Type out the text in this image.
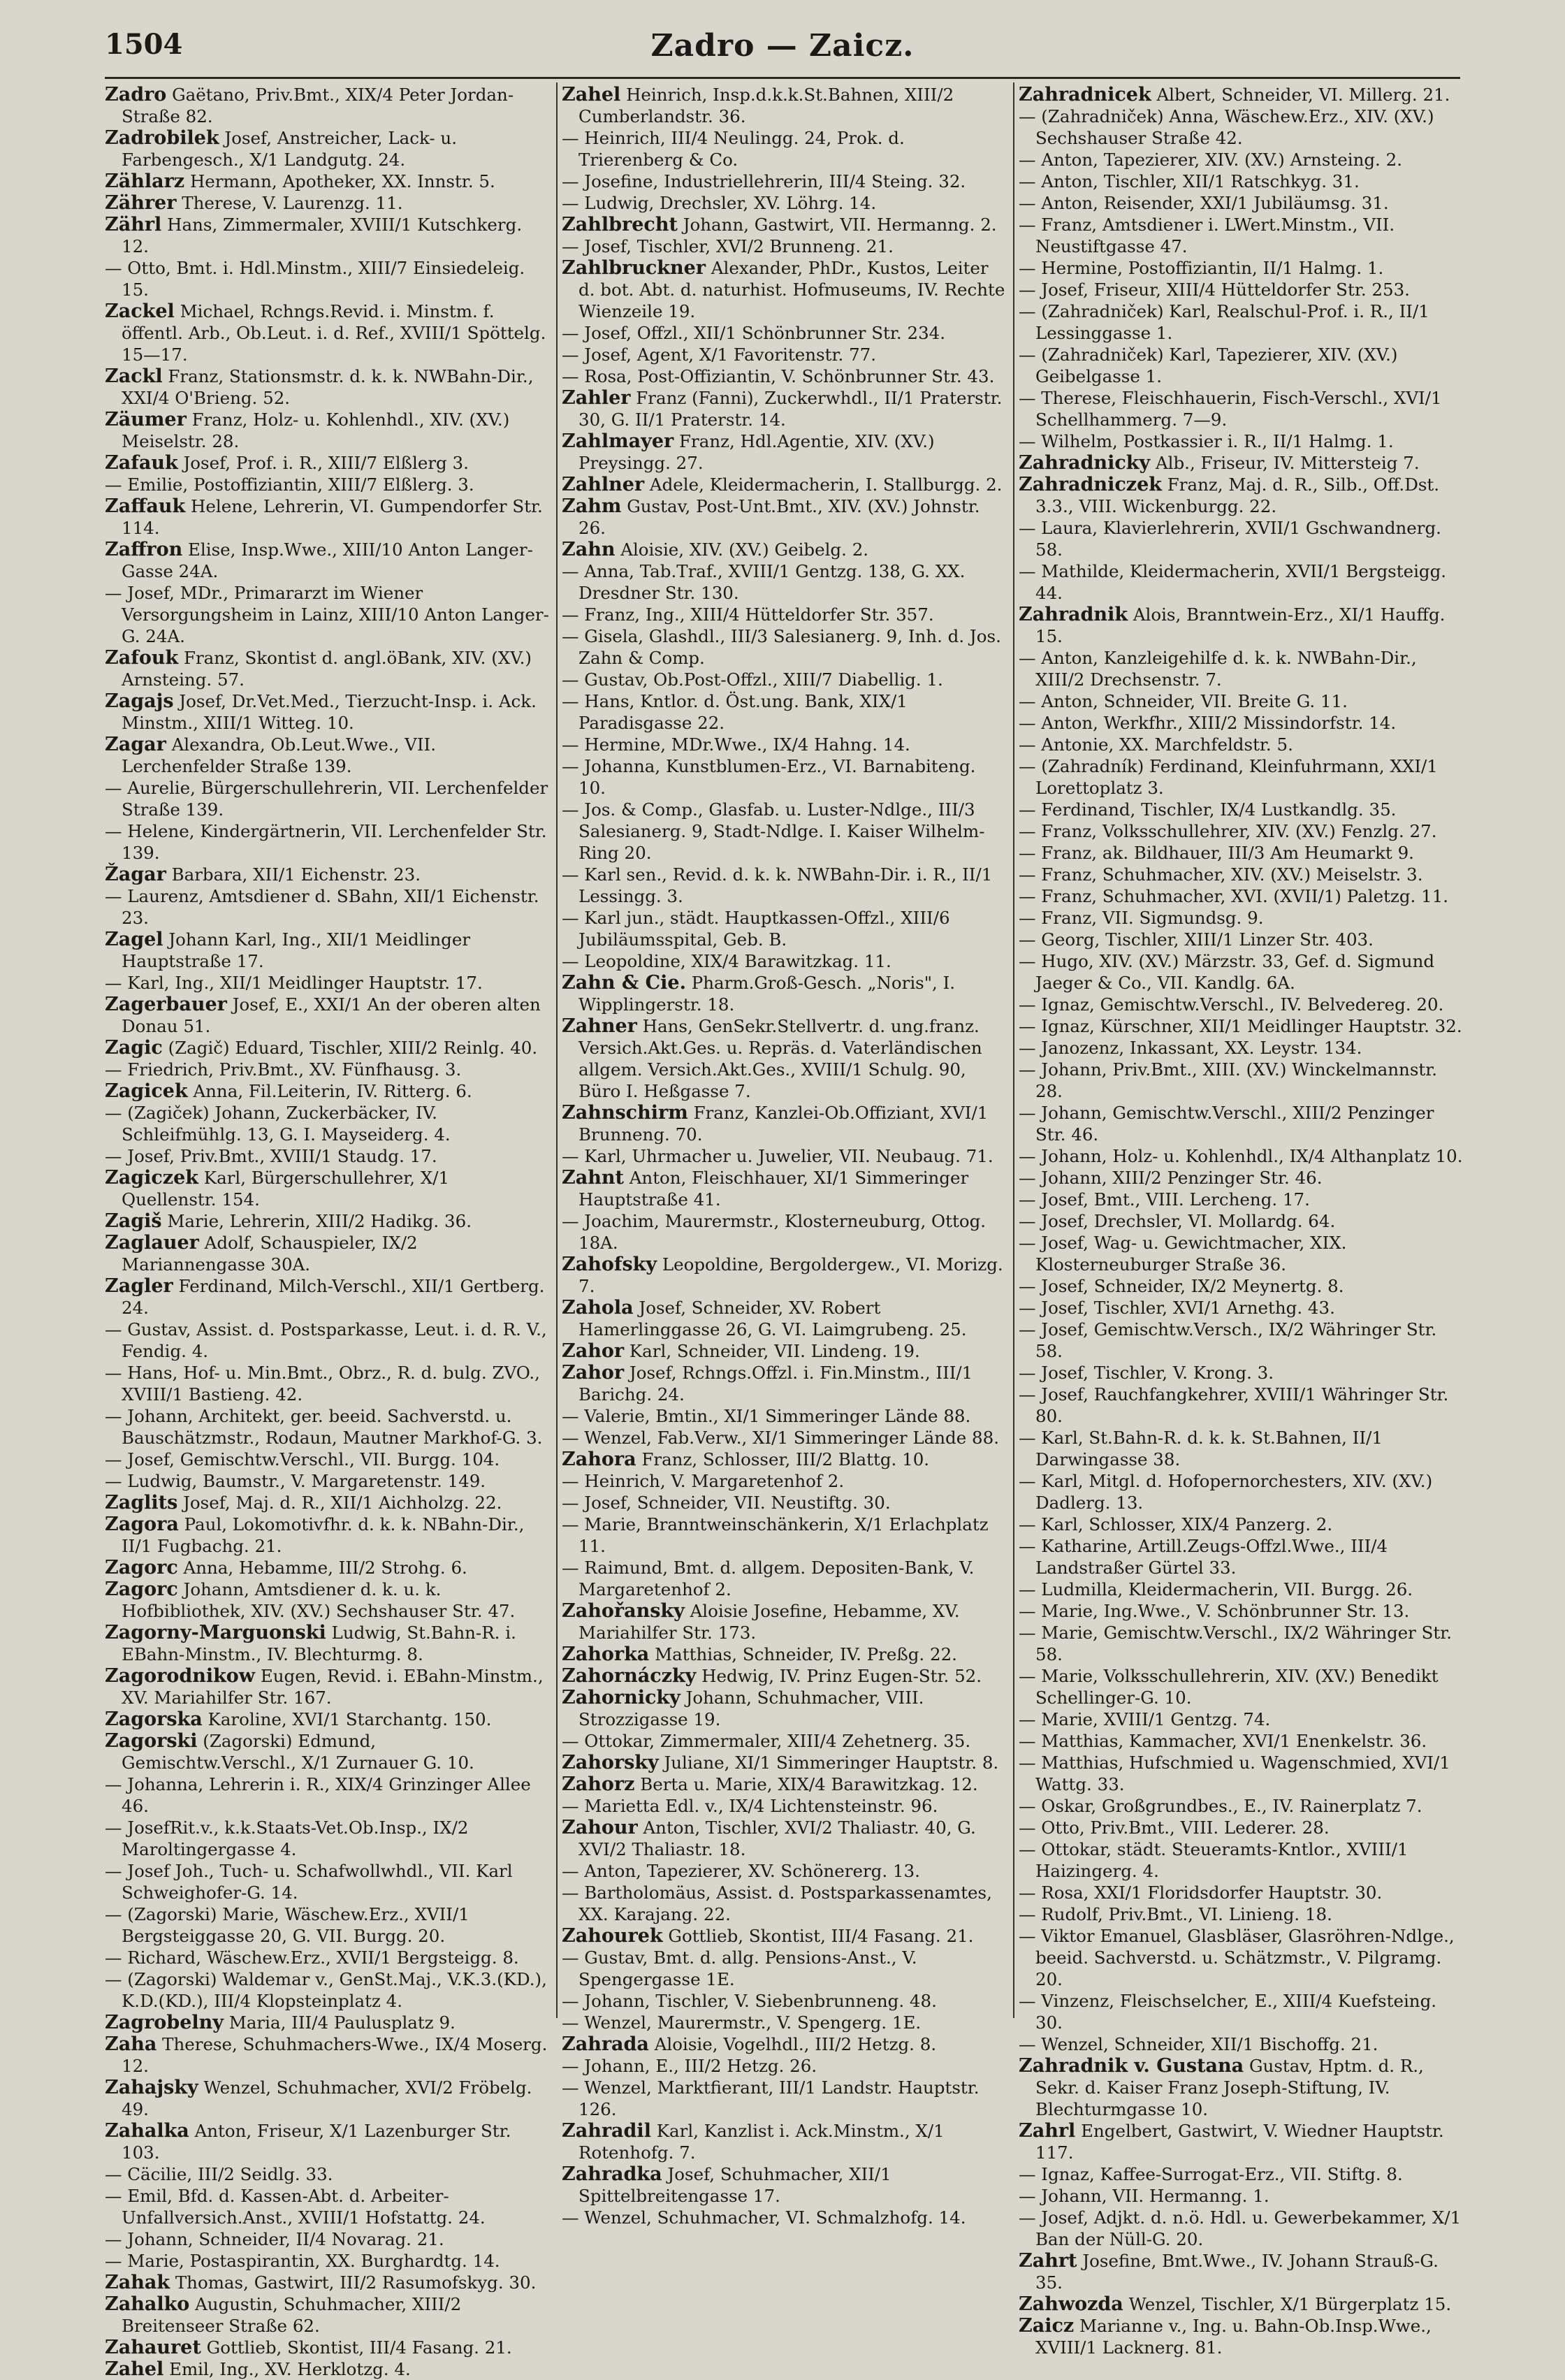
1504	Zadro — Zaicz.

Zadro Gaëtano, Priv.Bmt., XIX/4 Peter Jordan-Straße 82.

Zadrobilek Josef, Anstreicher, Lack- u. Farbengesch., X/1 Landgutg. 24.

Zählarz Hermann, Apotheker, XX. Innstr. 5.

Zährer Therese, V. Laurenzg. 11.

Zährl Hans, Zimmermaler, XVIII/1 Kutschkerg. 12.

— Otto, Bmt. i. Hdl.Minstm., XIII/7 Einsiedeleig. 15.

Zackel Michael, Rchngs.Revid. i. Minstm. f. öffentl. Arb., Ob.Leut. i. d. Ref., XVIII/1 Spöttelg. 15—17.

Zackl Franz, Stationsmstr. d. k. k. NWBahn-Dir., XXI/4 O'Brieng. 52.

Zäumer Franz, Holz- u. Kohlenhdl., XIV. (XV.) Meiselstr. 28.

Zafauk Josef, Prof. i. R., XIII/7 Elßlerg 3.

— Emilie, Postoffiziantin, XIII/7 Elßlerg. 3.

Zaffauk Helene, Lehrerin, VI. Gumpendorfer Str. 114.

Zaffron Elise, Insp.Wwe., XIII/10 Anton Langer-Gasse 24A.

— Josef, MDr., Primararzt im Wiener Versorgungsheim in Lainz, XIII/10 Anton Langer-G. 24A.

Zafouk Franz, Skontist d. angl.öBank, XIV. (XV.) Arnsteing. 57.

Zagajs Josef, Dr.Vet.Med., Tierzucht-Insp. i. Ack. Minstm., XIII/1 Witteg. 10.

Zagar Alexandra, Ob.Leut.Wwe., VII. Lerchenfelder Straße 139.

— Aurelie, Bürgerschullehrerin, VII. Lerchenfelder Straße 139.

— Helene, Kindergärtnerin, VII. Lerchenfelder Str. 139.

Žagar Barbara, XII/1 Eichenstr. 23.

— Laurenz, Amtsdiener d. SBahn, XII/1 Eichenstr. 23.

Zagel Johann Karl, Ing., XII/1 Meidlinger Hauptstraße 17.

— Karl, Ing., XII/1 Meidlinger Hauptstr. 17.

Zagerbauer Josef, E., XXI/1 An der oberen alten Donau 51.

Zagic (Zagič) Eduard, Tischler, XIII/2 Reinlg. 40.

— Friedrich, Priv.Bmt., XV. Fünfhausg. 3.

Zagicek Anna, Fil.Leiterin, IV. Ritterg. 6.

— (Zagiček) Johann, Zuckerbäcker, IV. Schleifmühlg. 13, G. I. Mayseiderg. 4.

— Josef, Priv.Bmt., XVIII/1 Staudg. 17.

Zagiczek Karl, Bürgerschullehrer, X/1 Quellenstr. 154.

Zagiš Marie, Lehrerin, XIII/2 Hadikg. 36.

Zaglauer Adolf, Schauspieler, IX/2 Mariannengasse 30A.

Zagler Ferdinand, Milch-Verschl., XII/1 Gertberg. 24.

— Gustav, Assist. d. Postsparkasse, Leut. i. d. R. V., Fendig. 4.

— Hans, Hof- u. Min.Bmt., Obrz., R. d. bulg. ZVO., XVIII/1 Bastieng. 42.

— Johann, Architekt, ger. beeid. Sachverstd. u. Bauschätzmstr., Rodaun, Mautner Markhof-G. 3.

— Josef, Gemischtw.Verschl., VII. Burgg. 104.

— Ludwig, Baumstr., V. Margaretenstr. 149.

Zaglits Josef, Maj. d. R., XII/1 Aichholzg. 22.

Zagora Paul, Lokomotivfhr. d. k. k. NBahn-Dir., II/1 Fugbachg. 21.

Zagorc Anna, Hebamme, III/2 Strohg. 6.

Zagorc Johann, Amtsdiener d. k. u. k. Hofbibliothek, XIV. (XV.) Sechshauser Str. 47.

Zagorny-Marguonski Ludwig, St.Bahn-R. i. EBahn-Minstm., IV. Blechturmg. 8.

Zagorodnikow Eugen, Revid. i. EBahn-Minstm., XV. Mariahilfer Str. 167.

Zagorska Karoline, XVI/1 Starchantg. 150.

Zagorski (Zagorski) Edmund, Gemischtw.Verschl., X/1 Zurnauer G. 10.

— Johanna, Lehrerin i. R., XIX/4 Grinzinger Allee 46.

— JosefRit.v., k.k.Staats-Vet.Ob.Insp., IX/2 Maroltingergasse 4.

— Josef Joh., Tuch- u. Schafwollwhdl., VII. Karl Schweighofer-G. 14.

— (Zagorski) Marie, Wäschew.Erz., XVII/1 Bergsteiggasse 20, G. VII. Burgg. 20.

— Richard, Wäschew.Erz., XVII/1 Bergsteigg. 8.

— (Zagorski) Waldemar v., GenSt.Maj., V.K.3.(KD.), K.D.(KD.), III/4 Klopsteinplatz 4.

Zagrobelny Maria, III/4 Paulusplatz 9.

Zaha Therese, Schuhmachers-Wwe., IX/4 Moserg. 12.

Zahajsky Wenzel, Schuhmacher, XVI/2 Fröbelg. 49.

Zahalka Anton, Friseur, X/1 Lazenburger Str. 103.

— Cäcilie, III/2 Seidlg. 33.

— Emil, Bfd. d. Kassen-Abt. d. Arbeiter-Unfallversich.Anst., XVIII/1 Hofstattg. 24.

— Johann, Schneider, II/4 Novarag. 21.

— Marie, Postaspirantin, XX. Burghardtg. 14.

Zahak Thomas, Gastwirt, III/2 Rasumofskyg. 30.

Zahalko Augustin, Schuhmacher, XIII/2 Breitenseer Straße 62.

Zahauret Gottlieb, Skontist, III/4 Fasang. 21.

Zahel Emil, Ing., XV. Herklotzg. 4.

Zahel Heinrich, Insp.d.k.k.St.Bahnen, XIII/2 Cumberlandstr. 36.

— Heinrich, III/4 Neulingg. 24, Prok. d. Trierenberg & Co.

— Josefine, Industriellehrerin, III/4 Steing. 32.

— Ludwig, Drechsler, XV. Löhrg. 14.

Zahlbrecht Johann, Gastwirt, VII. Hermanng. 2.

— Josef, Tischler, XVI/2 Brunneng. 21.

Zahlbruckner Alexander, PhDr., Kustos, Leiter d. bot. Abt. d. naturhist. Hofmuseums, IV. Rechte Wienzeile 19.

— Josef, Offzl., XII/1 Schönbrunner Str. 234.

— Josef, Agent, X/1 Favoritenstr. 77.

— Rosa, Post-Offiziantin, V. Schönbrunner Str. 43.

Zahler Franz (Fanni), Zuckerwhdl., II/1 Praterstr. 30, G. II/1 Praterstr. 14.

Zahlmayer Franz, Hdl.Agentie, XIV. (XV.) Preysingg. 27.

Zahlner Adele, Kleidermacherin, I. Stallburgg. 2.

Zahm Gustav, Post-Unt.Bmt., XIV. (XV.) Johnstr. 26.

Zahn Aloisie, XIV. (XV.) Geibelg. 2.

— Anna, Tab.Traf., XVIII/1 Gentzg. 138, G. XX. Dresdner Str. 130.

— Franz, Ing., XIII/4 Hütteldorfer Str. 357.

— Gisela, Glashdl., III/3 Salesianerg. 9, Inh. d. Jos. Zahn & Comp.

— Gustav, Ob.Post-Offzl., XIII/7 Diabellig. 1.

— Hans, Kntlor. d. Öst.ung. Bank, XIX/1 Paradisgasse 22.

— Hermine, MDr.Wwe., IX/4 Hahng. 14.

— Johanna, Kunstblumen-Erz., VI. Barnabiteng. 10.

— Jos. & Comp., Glasfab. u. Luster-Ndlge., III/3 Salesianerg. 9, Stadt-Ndlge. I. Kaiser Wilhelm-Ring 20.

— Karl sen., Revid. d. k. k. NWBahn-Dir. i. R., II/1 Lessingg. 3.

— Karl jun., städt. Hauptkassen-Offzl., XIII/6 Jubiläumsspital, Geb. B.

— Leopoldine, XIX/4 Barawitzkag. 11.

Zahn & Cie. Pharm.Groß-Gesch. „Noris", I. Wipplingerstr. 18.

Zahner Hans, GenSekr.Stellvertr. d. ung.franz. Versich.Akt.Ges. u. Repräs. d. Vaterländischen allgem. Versich.Akt.Ges., XVIII/1 Schulg. 90, Büro I. Heßgasse 7.

Zahnschirm Franz, Kanzlei-Ob.Offiziant, XVI/1 Brunneng. 70.

— Karl, Uhrmacher u. Juwelier, VII. Neubaug. 71.

Zahnt Anton, Fleischhauer, XI/1 Simmeringer Hauptstraße 41.

— Joachim, Maurermstr., Klosterneuburg, Ottog. 18A.

Zahofsky Leopoldine, Bergoldergew., VI. Morizg. 7.

Zahola Josef, Schneider, XV. Robert Hamerlinggasse 26, G. VI. Laimgrubeng. 25.

Zahor Karl, Schneider, VII. Lindeng. 19.

Zahor Josef, Rchngs.Offzl. i. Fin.Minstm., III/1 Barichg. 24.

— Valerie, Bmtin., XI/1 Simmeringer Lände 88.

— Wenzel, Fab.Verw., XI/1 Simmeringer Lände 88.

Zahora Franz, Schlosser, III/2 Blattg. 10.

— Heinrich, V. Margaretenhof 2.

— Josef, Schneider, VII. Neustiftg. 30.

— Marie, Branntweinschänkerin, X/1 Erlachplatz 11.

— Raimund, Bmt. d. allgem. Depositen-Bank, V. Margaretenhof 2.

Zahořansky Aloisie Josefine, Hebamme, XV. Mariahilfer Str. 173.

Zahorka Matthias, Schneider, IV. Preßg. 22.

Zahornáczky Hedwig, IV. Prinz Eugen-Str. 52.

Zahornicky Johann, Schuhmacher, VIII. Strozzigasse 19.

— Ottokar, Zimmermaler, XIII/4 Zehetnerg. 35.

Zahorsky Juliane, XI/1 Simmeringer Hauptstr. 8.

Zahorz Berta u. Marie, XIX/4 Barawitzkag. 12.

— Marietta Edl. v., IX/4 Lichtensteinstr. 96.

Zahour Anton, Tischler, XVI/2 Thaliastr. 40, G. XVI/2 Thaliastr. 18.

— Anton, Tapezierer, XV. Schönererg. 13.

— Bartholomäus, Assist. d. Postsparkassenamtes, XX. Karajang. 22.

Zahourek Gottlieb, Skontist, III/4 Fasang. 21.

— Gustav, Bmt. d. allg. Pensions-Anst., V. Spengergasse 1E.

— Johann, Tischler, V. Siebenbrunneng. 48.

— Wenzel, Maurermstr., V. Spengerg. 1E.

Zahrada Aloisie, Vogelhdl., III/2 Hetzg. 8.

— Johann, E., III/2 Hetzg. 26.

— Wenzel, Marktfierant, III/1 Landstr. Hauptstr. 126.

Zahradil Karl, Kanzlist i. Ack.Minstm., X/1 Rotenhofg. 7.

Zahradka Josef, Schuhmacher, XII/1 Spittelbreitengasse 17.

— Wenzel, Schuhmacher, VI. Schmalzhofg. 14.

Zahradnicek Albert, Schneider, VI. Millerg. 21.

— (Zahradniček) Anna, Wäschew.Erz., XIV. (XV.) Sechshauser Straße 42.

— Anton, Tapezierer, XIV. (XV.) Arnsteing. 2.

— Anton, Tischler, XII/1 Ratschkyg. 31.

— Anton, Reisender, XXI/1 Jubiläumsg. 31.

— Franz, Amtsdiener i. LWert.Minstm., VII. Neustiftgasse 47.

— Hermine, Postoffiziantin, II/1 Halmg. 1.

— Josef, Friseur, XIII/4 Hütteldorfer Str. 253.

— (Zahradniček) Karl, Realschul-Prof. i. R., II/1 Lessinggasse 1.

— (Zahradniček) Karl, Tapezierer, XIV. (XV.) Geibelgasse 1.

— Therese, Fleischhauerin, Fisch-Verschl., XVI/1 Schellhammerg. 7—9.

— Wilhelm, Postkassier i. R., II/1 Halmg. 1.

Zahradnicky Alb., Friseur, IV. Mittersteig 7.

Zahradniczek Franz, Maj. d. R., Silb., Off.Dst. 3.3., VIII. Wickenburgg. 22.

— Laura, Klavierlehrerin, XVII/1 Gschwandnerg. 58.

— Mathilde, Kleidermacherin, XVII/1 Bergsteigg. 44.

Zahradnik Alois, Branntwein-Erz., XI/1 Hauffg. 15.

— Anton, Kanzleigehilfe d. k. k. NWBahn-Dir., XIII/2 Drechsenstr. 7.

— Anton, Schneider, VII. Breite G. 11.

— Anton, Werkfhr., XIII/2 Missindorfstr. 14.

— Antonie, XX. Marchfeldstr. 5.

— (Zahradník) Ferdinand, Kleinfuhrmann, XXI/1 Lorettoplatz 3.

— Ferdinand, Tischler, IX/4 Lustkandlg. 35.

— Franz, Volksschullehrer, XIV. (XV.) Fenzlg. 27.

— Franz, ak. Bildhauer, III/3 Am Heumarkt 9.

— Franz, Schuhmacher, XIV. (XV.) Meiselstr. 3.

— Franz, Schuhmacher, XVI. (XVII/1) Paletzg. 11.

— Franz, VII. Sigmundsg. 9.

— Georg, Tischler, XIII/1 Linzer Str. 403.

— Hugo, XIV. (XV.) Märzstr. 33, Gef. d. Sigmund Jaeger & Co., VII. Kandlg. 6A.

— Ignaz, Gemischtw.Verschl., IV. Belvedereg. 20.

— Ignaz, Kürschner, XII/1 Meidlinger Hauptstr. 32.

— Janozenz, Inkassant, XX. Leystr. 134.

— Johann, Priv.Bmt., XIII. (XV.) Winckelmannstr. 28.

— Johann, Gemischtw.Verschl., XIII/2 Penzinger Str. 46.

— Johann, Holz- u. Kohlenhdl., IX/4 Althanplatz 10.

— Johann, XIII/2 Penzinger Str. 46.

— Josef, Bmt., VIII. Lercheng. 17.

— Josef, Drechsler, VI. Mollardg. 64.

— Josef, Wag- u. Gewichtmacher, XIX. Klosterneuburger Straße 36.

— Josef, Schneider, IX/2 Meynertg. 8.

— Josef, Tischler, XVI/1 Arnethg. 43.

— Josef, Gemischtw.Versch., IX/2 Währinger Str. 58.

— Josef, Tischler, V. Krong. 3.

— Josef, Rauchfangkehrer, XVIII/1 Währinger Str. 80.

— Karl, St.Bahn-R. d. k. k. St.Bahnen, II/1 Darwingasse 38.

— Karl, Mitgl. d. Hofopernorchesters, XIV. (XV.) Dadlerg. 13.

— Karl, Schlosser, XIX/4 Panzerg. 2.

— Katharine, Artill.Zeugs-Offzl.Wwe., III/4 Landstraßer Gürtel 33.

— Ludmilla, Kleidermacherin, VII. Burgg. 26.

— Marie, Ing.Wwe., V. Schönbrunner Str. 13.

— Marie, Gemischtw.Verschl., IX/2 Währinger Str. 58.

— Marie, Volksschullehrerin, XIV. (XV.) Benedikt Schellinger-G. 10.

— Marie, XVIII/1 Gentzg. 74.

— Matthias, Kammacher, XVI/1 Enenkelstr. 36.

— Matthias, Hufschmied u. Wagenschmied, XVI/1 Wattg. 33.

— Oskar, Großgrundbes., E., IV. Rainerplatz 7.

— Otto, Priv.Bmt., VIII. Lederer. 28.

— Ottokar, städt. Steueramts-Kntlor., XVIII/1 Haizingerg. 4.

— Rosa, XXI/1 Floridsdorfer Hauptstr. 30.

— Rudolf, Priv.Bmt., VI. Linieng. 18.

— Viktor Emanuel, Glasbläser, Glasröhren-Ndlge., beeid. Sachverstd. u. Schätzmstr., V. Pilgramg. 20.

— Vinzenz, Fleischselcher, E., XIII/4 Kuefsteing. 30.

— Wenzel, Schneider, XII/1 Bischoffg. 21.

Zahradnik v. Gustana Gustav, Hptm. d. R., Sekr. d. Kaiser Franz Joseph-Stiftung, IV. Blechturmgasse 10.

Zahrl Engelbert, Gastwirt, V. Wiedner Hauptstr. 117.

— Ignaz, Kaffee-Surrogat-Erz., VII. Stiftg. 8.

— Johann, VII. Hermanng. 1.

— Josef, Adjkt. d. n.ö. Hdl. u. Gewerbekammer, X/1 Ban der Nüll-G. 20.

Zahrt Josefine, Bmt.Wwe., IV. Johann Strauß-G. 35.

Zahwozda Wenzel, Tischler, X/1 Bürgerplatz 15.

Zaicz Marianne v., Ing. u. Bahn-Ob.Insp.Wwe., XVIII/1 Lacknerg. 81.
